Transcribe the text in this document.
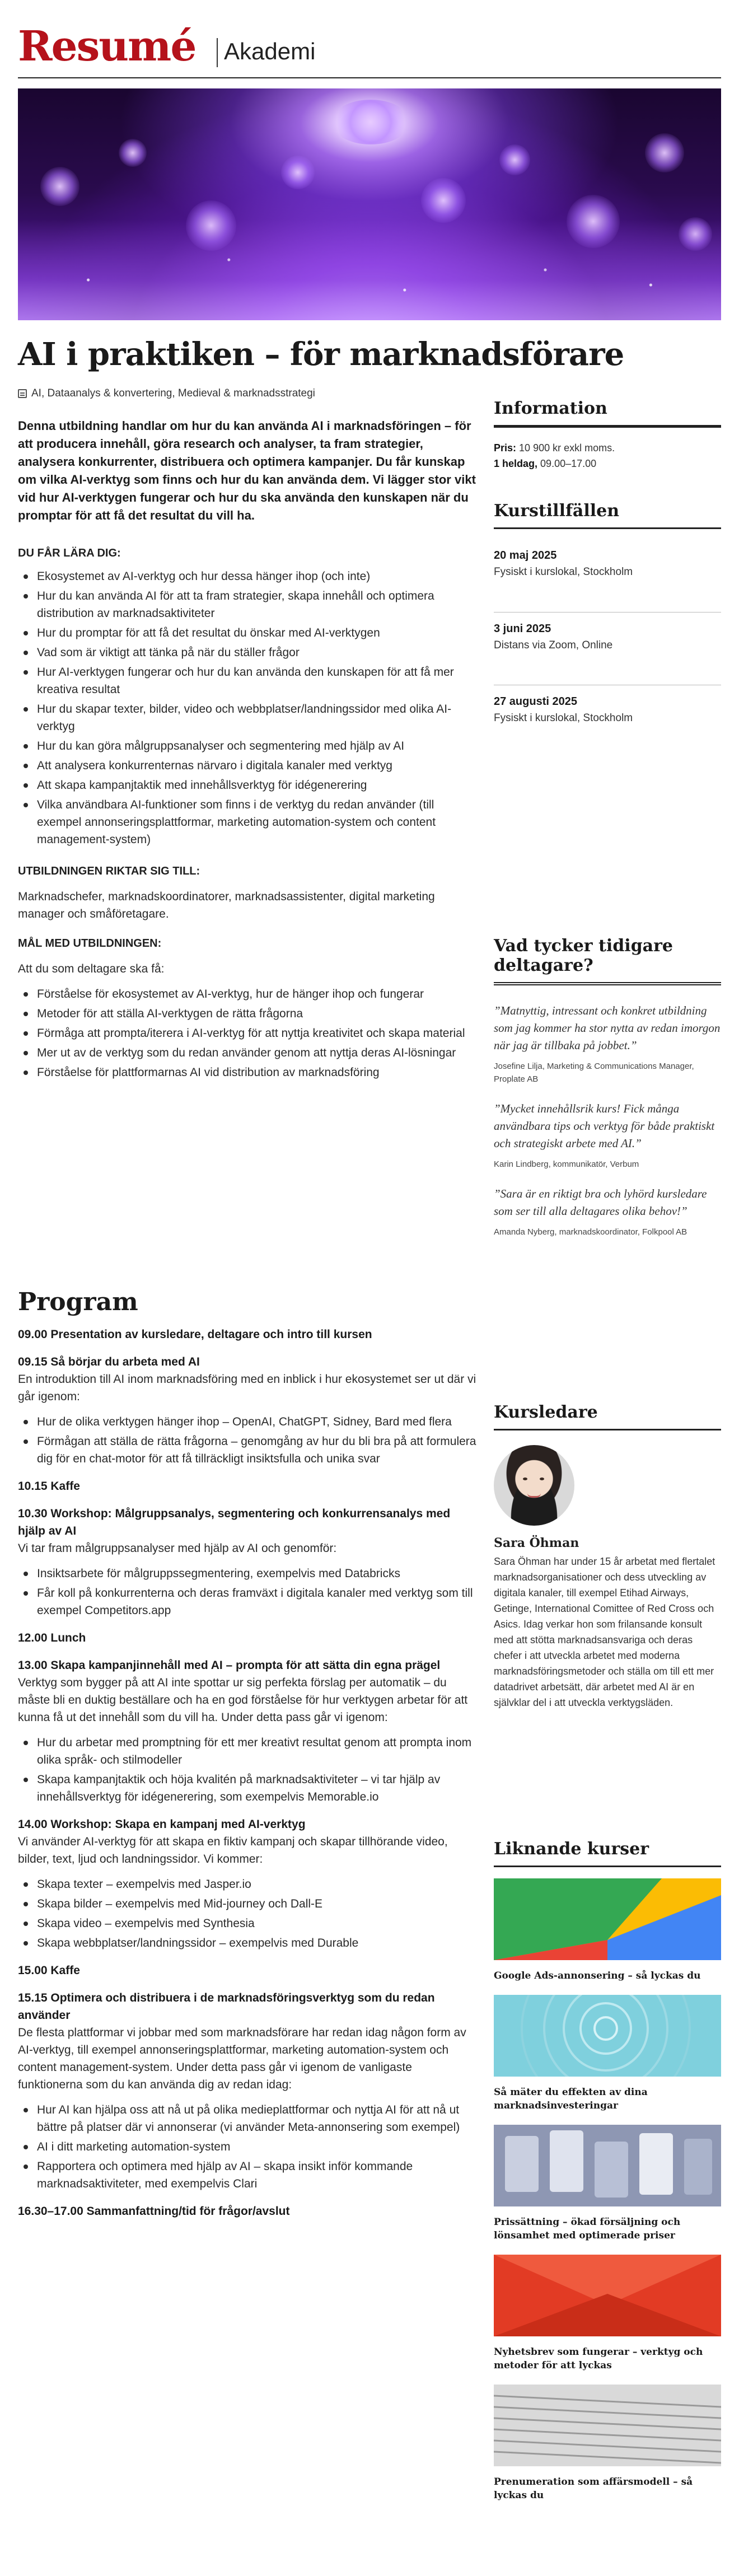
Resumé Akademi
AI i praktiken – för marknadsförare
AI, Dataanalys & konvertering, Medieval & marknadsstrategi

Denna utbildning handlar om hur du kan använda AI i marknadsföringen – för att producera innehåll, göra research och analyser, ta fram strategier, analysera konkurrenter, distribuera och optimera kampanjer. Du får kunskap om vilka AI-verktyg som finns och hur du kan använda dem. Vi lägger stor vikt vid hur AI-verktygen fungerar och hur du ska använda den kunskapen när du promptar för att få det resultat du vill ha.

DU FÅR LÄRA DIG:

Ekosystemet av AI-verktyg och hur dessa hänger ihop (och inte)
Hur du kan använda AI för att ta fram strategier, skapa innehåll och optimera distribution av marknadsaktiviteter
Hur du promptar för att få det resultat du önskar med AI-verktygen
Vad som är viktigt att tänka på när du ställer frågor
Hur AI-verktygen fungerar och hur du kan använda den kunskapen för att få mer kreativa resultat
Hur du skapar texter, bilder, video och webbplatser/landningssidor med olika AI-verktyg
Hur du kan göra målgruppsanalyser och segmentering med hjälp av AI
Att analysera konkurrenternas närvaro i digitala kanaler med verktyg
Att skapa kampanjtaktik med innehållsverktyg för idégenerering
Vilka användbara AI-funktioner som finns i de verktyg du redan använder (till exempel annonseringsplattformar, marketing automation-system och content management-system)

UTBILDNINGEN RIKTAR SIG TILL:

Marknadschefer, marknadskoordinatorer, marknadsassistenter, digital marketing manager och småföretagare.

MÅL MED UTBILDNINGEN:

Att du som deltagare ska få:

Förståelse för ekosystemet av AI-verktyg, hur de hänger ihop och fungerar
Metoder för att ställa AI-verktygen de rätta frågorna
Förmåga att prompta/iterera i AI-verktyg för att nyttja kreativitet och skapa material
Mer ut av de verktyg som du redan använder genom att nyttja deras AI-lösningar
Förståelse för plattformarnas AI vid distribution av marknadsföring
Program

09.00 Presentation av kursledare, deltagare och intro till kursen

09.15 Så börjar du arbeta med AI

En introduktion till AI inom marknadsföring med en inblick i hur ekosystemet ser ut där vi går igenom:

Hur de olika verktygen hänger ihop – OpenAI, ChatGPT, Sidney, Bard med flera
Förmågan att ställa de rätta frågorna – genomgång av hur du bli bra på att formulera dig för en chat-motor för att få tillräckligt insiktsfulla och unika svar

10.15 Kaffe

10.30 Workshop: Målgruppsanalys, segmentering och konkurrensanalys med hjälp av AI

Vi tar fram målgruppsanalyser med hjälp av AI och genomför:

Insiktsarbete för målgruppssegmentering, exempelvis med Databricks
Får koll på konkurrenterna och deras framväxt i digitala kanaler med verktyg som till exempel Competitors.app

12.00 Lunch

13.00 Skapa kampanjinnehåll med AI – prompta för att sätta din egna prägel

Verktyg som bygger på att AI inte spottar ur sig perfekta förslag per automatik – du måste bli en duktig beställare och ha en god förståelse för hur verktygen arbetar för att kunna få ut det innehåll som du vill ha. Under detta pass går vi igenom:

Hur du arbetar med promptning för ett mer kreativt resultat genom att prompta inom olika språk- och stilmodeller
Skapa kampanjtaktik och höja kvalitén på marknadsaktiviteter – vi tar hjälp av innehållsverktyg för idégenerering, som exempelvis Memorable.io

14.00 Workshop: Skapa en kampanj med AI-verktyg

Vi använder AI-verktyg för att skapa en fiktiv kampanj och skapar tillhörande video, bilder, text, ljud och landningssidor. Vi kommer:

Skapa texter – exempelvis med Jasper.io
Skapa bilder – exempelvis med Mid-journey och Dall-E
Skapa video – exempelvis med Synthesia
Skapa webbplatser/landningssidor – exempelvis med Durable

15.00 Kaffe

15.15 Optimera och distribuera i de marknadsföringsverktyg som du redan använder

De flesta plattformar vi jobbar med som marknadsförare har redan idag någon form av AI-verktyg, till exempel annonseringsplattformar, marketing automation-system och content management-system. Under detta pass går vi igenom de vanligaste funktionerna som du kan använda dig av redan idag:

Hur AI kan hjälpa oss att nå ut på olika medieplattformar och nyttja AI för att nå ut bättre på platser där vi annonserar (vi använder Meta-annonsering som exempel)
AI i ditt marketing automation-system
Rapportera och optimera med hjälp av AI – skapa insikt inför kommande marknadsaktiviteter, med exempelvis Clari

16.30–17.00 Sammanfattning/tid för frågor/avslut

Information

Pris: 10 900 kr exkl moms.

1 heldag, 09.00–17.00

Kurstillfällen
20 maj 2025
Fysiskt i kurslokal, Stockholm
3 juni 2025
Distans via Zoom, Online
27 augusti 2025
Fysiskt i kurslokal, Stockholm
Vad tycker tidigare deltagare?

”Matnyttig, intressant och konkret utbildning som jag kommer ha stor nytta av redan imorgon när jag är tillbaka på jobbet.”

Josefine Lilja, Marketing & Communications Manager, Proplate AB

”Mycket innehållsrik kurs! Fick många användbara tips och verktyg för både praktiskt och strategiskt arbete med AI.”

Karin Lindberg, kommunikatör, Verbum

”Sara är en riktigt bra och lyhörd kursledare som ser till alla deltagares olika behov!”

Amanda Nyberg, marknadskoordinator, Folkpool AB

Kursledare

Sara Öhman

Sara Öhman har under 15 år arbetat med flertalet marknadsorganisationer och dess utveckling av digitala kanaler, till exempel Etihad Airways, Getinge, International Comittee of Red Cross och Asics. Idag verkar hon som frilansande konsult med att stötta marknadsansvariga och deras chefer i att utveckla arbetet med moderna marknadsföringsmetoder och ställa om till ett mer datadrivet arbetsätt, där arbetet med AI är en självklar del i att utveckla verktygsläden.

Liknande kurser

Google Ads-annonsering – så lyckas du

Så mäter du effekten av dina marknadsinvesteringar

Prissättning – ökad försäljning och lönsamhet med optimerade priser

Nyhetsbrev som fungerar – verktyg och metoder för att lyckas

Prenumeration som affärsmodell – så lyckas du
